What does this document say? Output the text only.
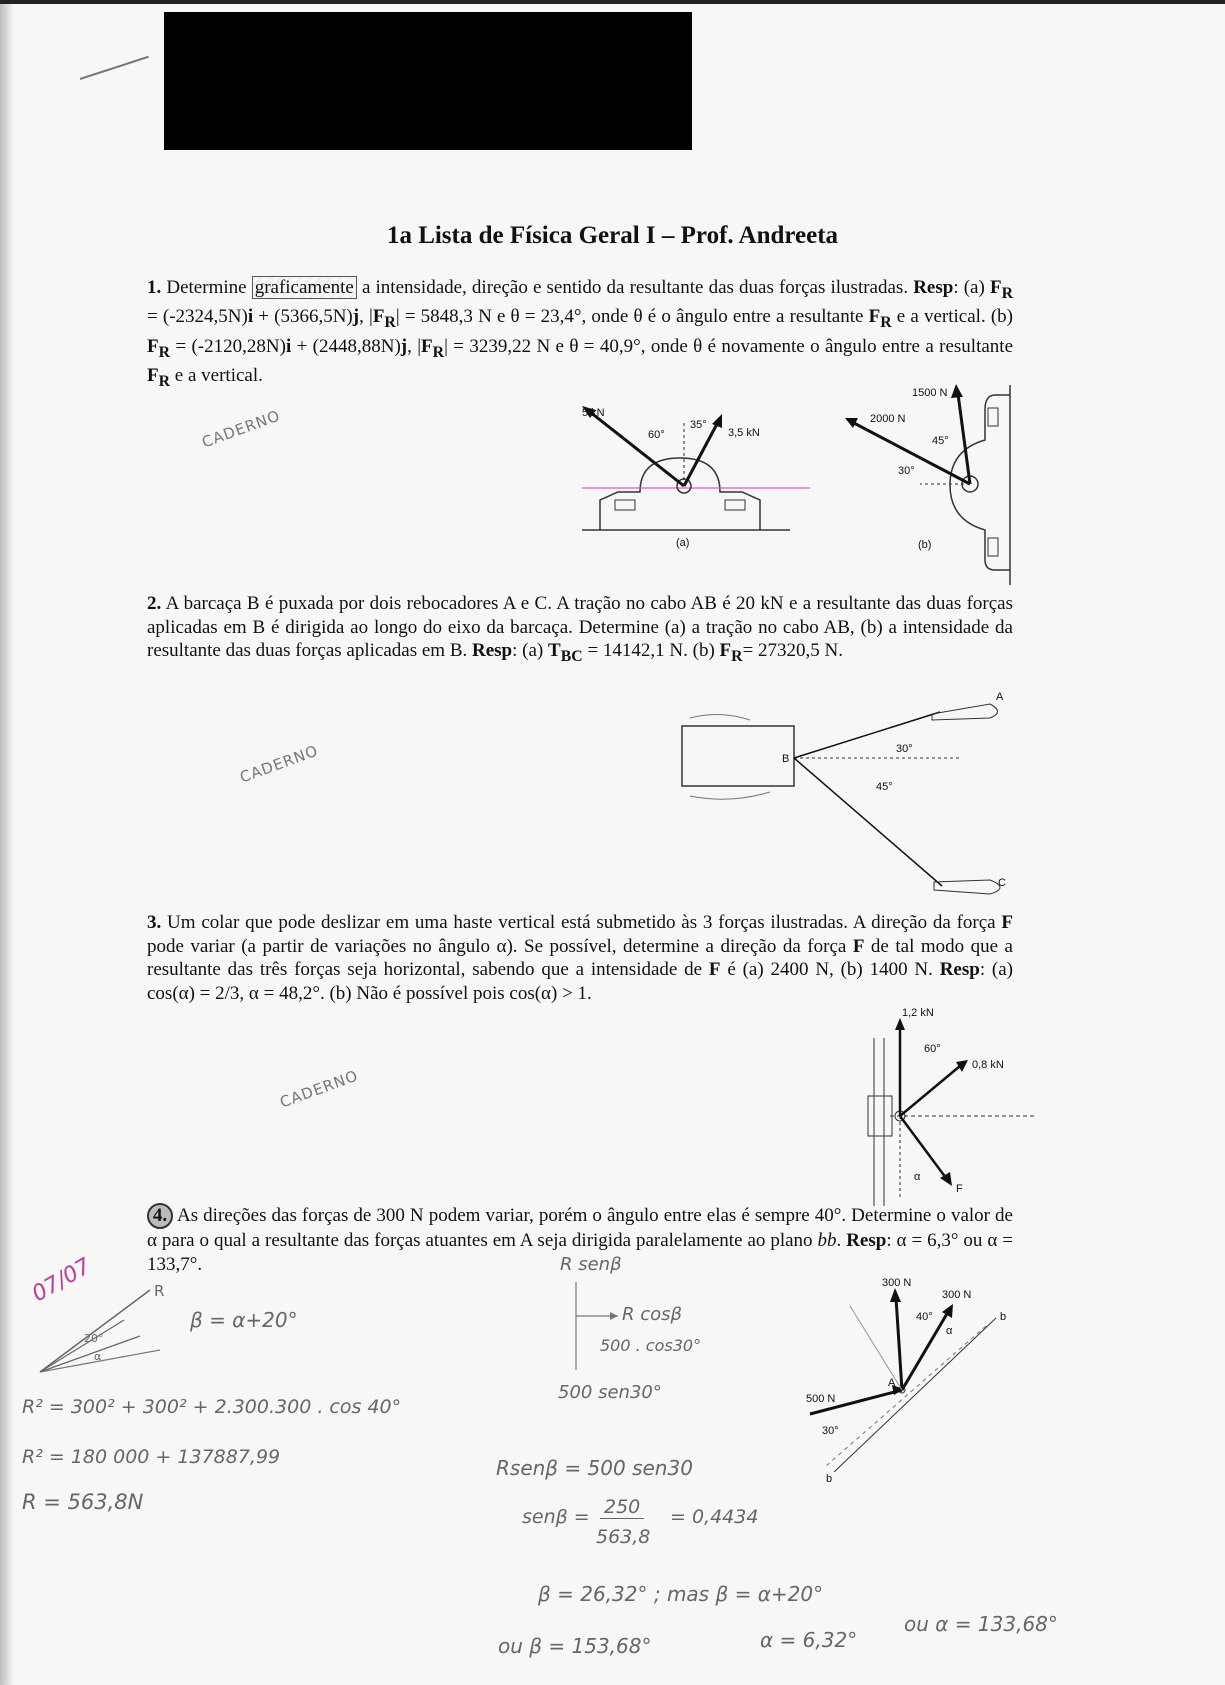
1a Lista de Física Geral I – Prof. Andreeta
1. Determine graficamente a intensidade, direção e sentido da resultante das duas forças ilustradas. Resp: (a) $F_R = (-2324,5N)i + (5366,5N)j$, $|F_R| = 5848,3$ N e θ = 23,4°, onde θ é o ângulo entre a resultante $F_R$ e a vertical. (b) $F_R = (-2120,28N)i + (2448,88N)j$, $|F_R| = 3239,22$ N e θ = 40,9°, onde θ é novamente o ângulo entre a resultante $F_R$ e a vertical.
CADERNO	5 kN
60°
35°
3,5 kN
(a)
1500 N
2000 N
45°
30°
(b)
2. A barcaça B é puxada por dois rebocadores A e C. A tração no cabo AB é 20 kN e a resultante das duas forças aplicadas em B é dirigida ao longo do eixo da barcaça. Determine (a) a tração no cabo AB, (b) a intensidade da resultante das duas forças aplicadas em B. Resp: (a) $T_{BC} = 14142,1$ N. (b) $F_R= 27320,5$ N.
CADERNO
A
B
C
30°
45°
3. Um colar que pode deslizar em uma haste vertical está submetido às 3 forças ilustradas. A direção da força F pode variar (a partir de variações no ângulo α). Se possível, determine a direção da força F de tal modo que a resultante das três forças seja horizontal, sabendo que a intensidade de F é (a) 2400 N, (b) 1400 N. Resp: (a) cos(α) = 2/3, α = 48,2°. (b) Não é possível pois cos(α) > 1.
CADERNO
1,2 kN
60°
0,8 kN
α
F
4. As direções das forças de 300 N podem variar, porém o ângulo entre elas é sempre 40°. Determine o valor de α para o qual a resultante das forças atuantes em A seja dirigida paralelamente ao plano bb. Resp: α = 6,3° ou α = 133,7°.
300 N
300 N
40°
α
b
A
500 N
30°
b
07/07	R
20°
α
β = α+20°
R senβ
R cosβ
500 . cos30°
500 sen30°
R² = 300² + 300² + 2.300.300 . cos 40°
R² = 180 000 + 137887,99
R = 563,8N
Rsenβ = 500 sen30
senβ = 250
563,8
= 0,4434
β = 26,32° ; mas β = α+20°
α = 6,32°
ou α = 133,68°
ou β = 153,68°
